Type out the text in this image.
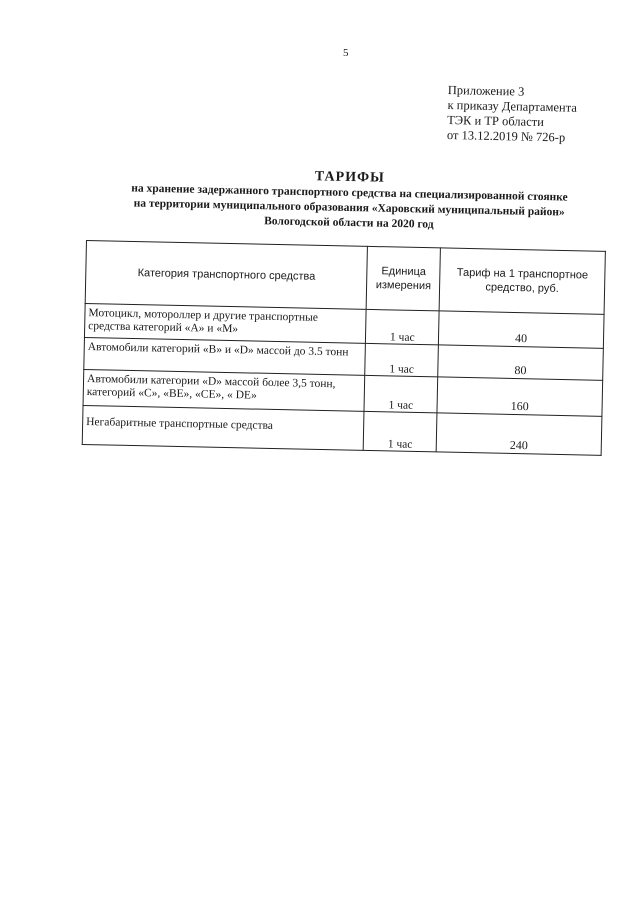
5
Приложение 3
к приказу Департамента
ТЭК и ТР области
от 13.12.2019 № 726-р
ТАРИФЫ
на хранение задержанного транспортного средства на специализированной стоянке
на территории муниципального образования «Харовский муниципальный район»
Вологодской области на 2020 год
Категория транспортного средства	Единица измерения	Тариф на 1 транспортное средство, руб.
Мотоцикл, мотороллер и другие транспортные средства категорий «А» и «М»	1 час	40
Автомобили категорий «В» и «D» массой до 3.5 тонн	1 час	80
Автомобили категории «D» массой более 3,5 тонн, категорий «С», «ВЕ», «СЕ», « DE»	1 час	160
Негабаритные транспортные средства	1 час	240
